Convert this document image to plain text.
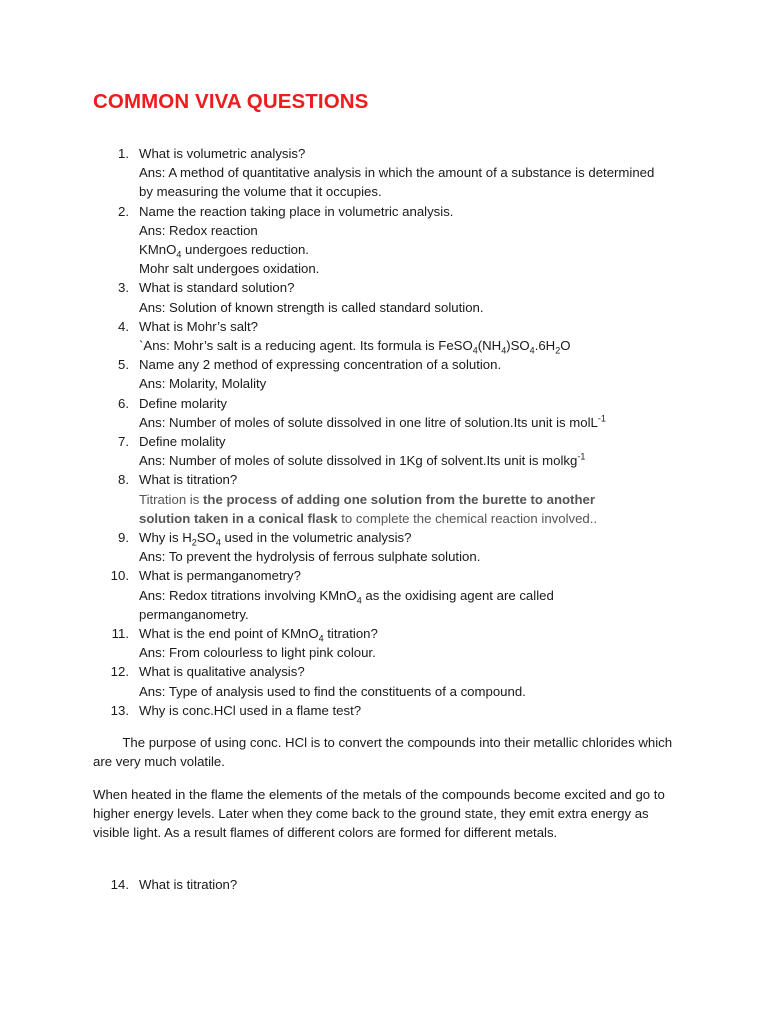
COMMON VIVA QUESTIONS
1. What is volumetric analysis?
Ans: A method of quantitative analysis in which the amount of a substance is determined by measuring the volume that it occupies.
2. Name the reaction taking place in volumetric analysis.
Ans: Redox reaction
KMnO$_4$ undergoes reduction.
Mohr salt undergoes oxidation.
3. What is standard solution?
Ans: Solution of known strength is called standard solution.
4. What is Mohr’s salt?
`Ans: Mohr’s salt is a reducing agent. Its formula is $FeSO_4(NH_4)SO_4.6H_2O$
5. Name any 2 method of expressing concentration of a solution.
Ans: Molarity, Molality
6. Define molarity
Ans: Number of moles of solute dissolved in one litre of solution.Its unit is molL$^{-1}$
7. Define molality
Ans: Number of moles of solute dissolved in 1Kg of solvent.Its unit is molkg$^{-1}$
8. What is titration?
Titration is the process of adding one solution from the burette to another solution taken in a conical flask to complete the chemical reaction involved..
9. Why is $H_2SO_4$ used in the volumetric analysis?
Ans: To prevent the hydrolysis of ferrous sulphate solution.
10. What is permanganometry?
Ans: Redox titrations involving KMnO$_4$ as the oxidising agent are called permanganometry.
11. What is the end point of KMnO$_4$ titration?
Ans: From colourless to light pink colour.
12. What is qualitative analysis?
Ans: Type of analysis used to find the constituents of a compound.
13. Why is conc.HCl used in a flame test?

The purpose of using conc. HCl is to convert the compounds into their metallic chlorides which are very much volatile.

When heated in the flame the elements of the metals of the compounds become excited and go to higher energy levels. Later when they come back to the ground state, they emit extra energy as visible light. As a result flames of different colors are formed for different metals.

14. What is titration?
